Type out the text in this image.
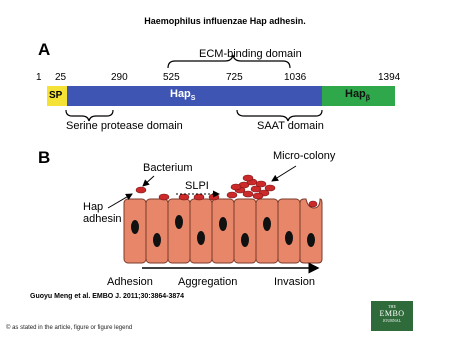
Haemophilus influenzae Hap adhesin.
A
1 25	290	525	725	1036	1394
ECM-binding domain
SP	Hap$_S$	Hap$_\beta$
Serine protease domain	SAAT domain
B
Bacterium
Micro-colony
SLPI
Hap
adhesin
Adhesion Aggregation	Invasion
Guoyu Meng et al. EMBO J. 2011;30:3864-3874
© as stated in the article, figure or figure legend
THE
EMBO
JOURNAL
